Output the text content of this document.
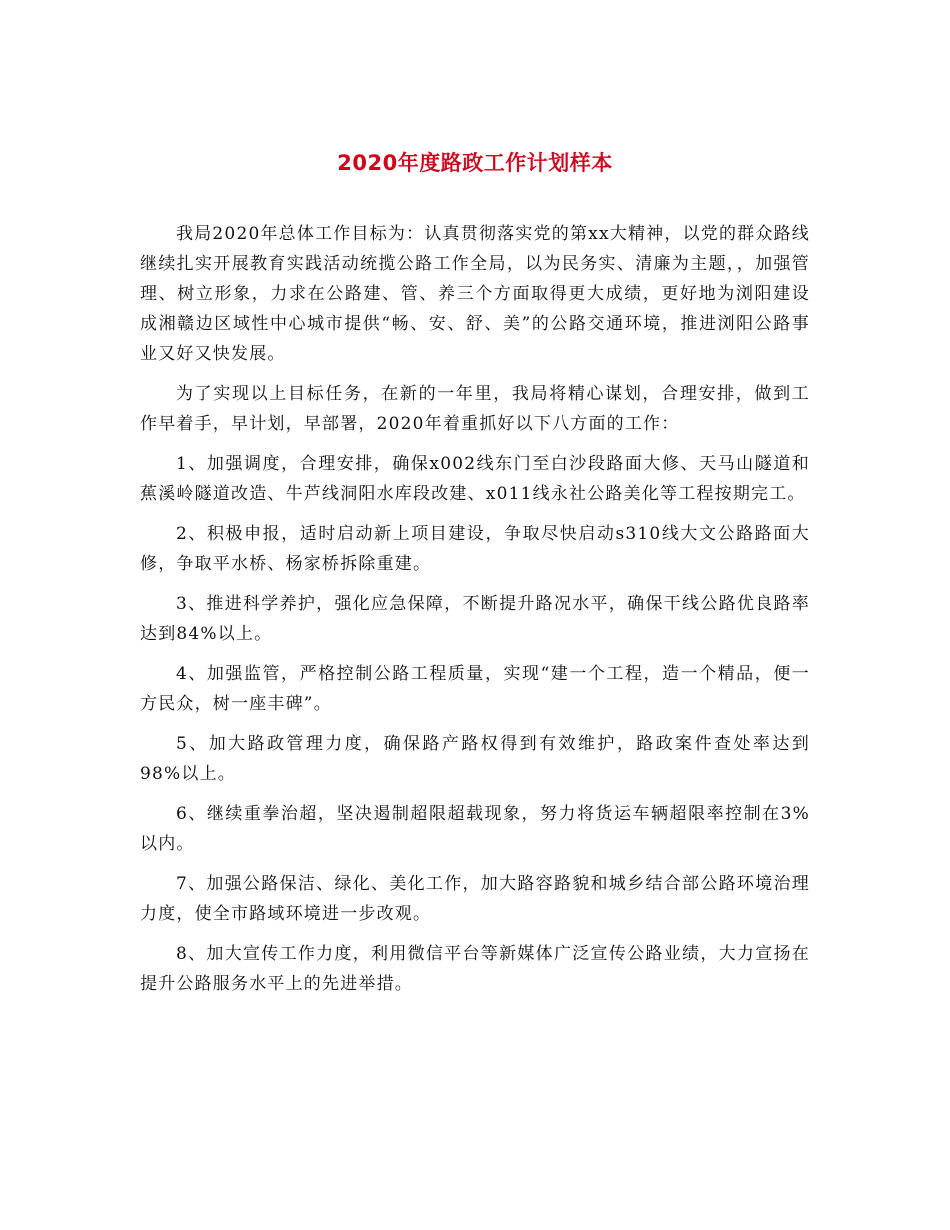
2020年度路政工作计划样本

我局2020年总体工作目标为：认真贯彻落实党的第xx大精神，以党的群众路线继续扎实开展教育实践活动统揽公路工作全局，以为民务实、清廉为主题，，加强管理、树立形象，力求在公路建、管、养三个方面取得更大成绩，更好地为浏阳建设成湘赣边区域性中心城市提供“畅、安、舒、美”的公路交通环境，推进浏阳公路事业又好又快发展。

为了实现以上目标任务，在新的一年里，我局将精心谋划，合理安排，做到工作早着手，早计划，早部署，2020年着重抓好以下八方面的工作：

1、加强调度，合理安排，确保x002线东门至白沙段路面大修、天马山隧道和蕉溪岭隧道改造、牛芦线洞阳水库段改建、x011线永社公路美化等工程按期完工。

2、积极申报，适时启动新上项目建设，争取尽快启动s310线大文公路路面大修，争取平水桥、杨家桥拆除重建。

3、推进科学养护，强化应急保障，不断提升路况水平，确保干线公路优良路率达到84%以上。

4、加强监管，严格控制公路工程质量，实现“建一个工程，造一个精品，便一方民众，树一座丰碑”。

5、加大路政管理力度，确保路产路权得到有效维护，路政案件查处率达到98%以上。

6、继续重拳治超，坚决遏制超限超载现象，努力将货运车辆超限率控制在3%以内。

7、加强公路保洁、绿化、美化工作，加大路容路貌和城乡结合部公路环境治理力度，使全市路域环境进一步改观。

8、加大宣传工作力度，利用微信平台等新媒体广泛宣传公路业绩，大力宣扬在提升公路服务水平上的先进举措。
